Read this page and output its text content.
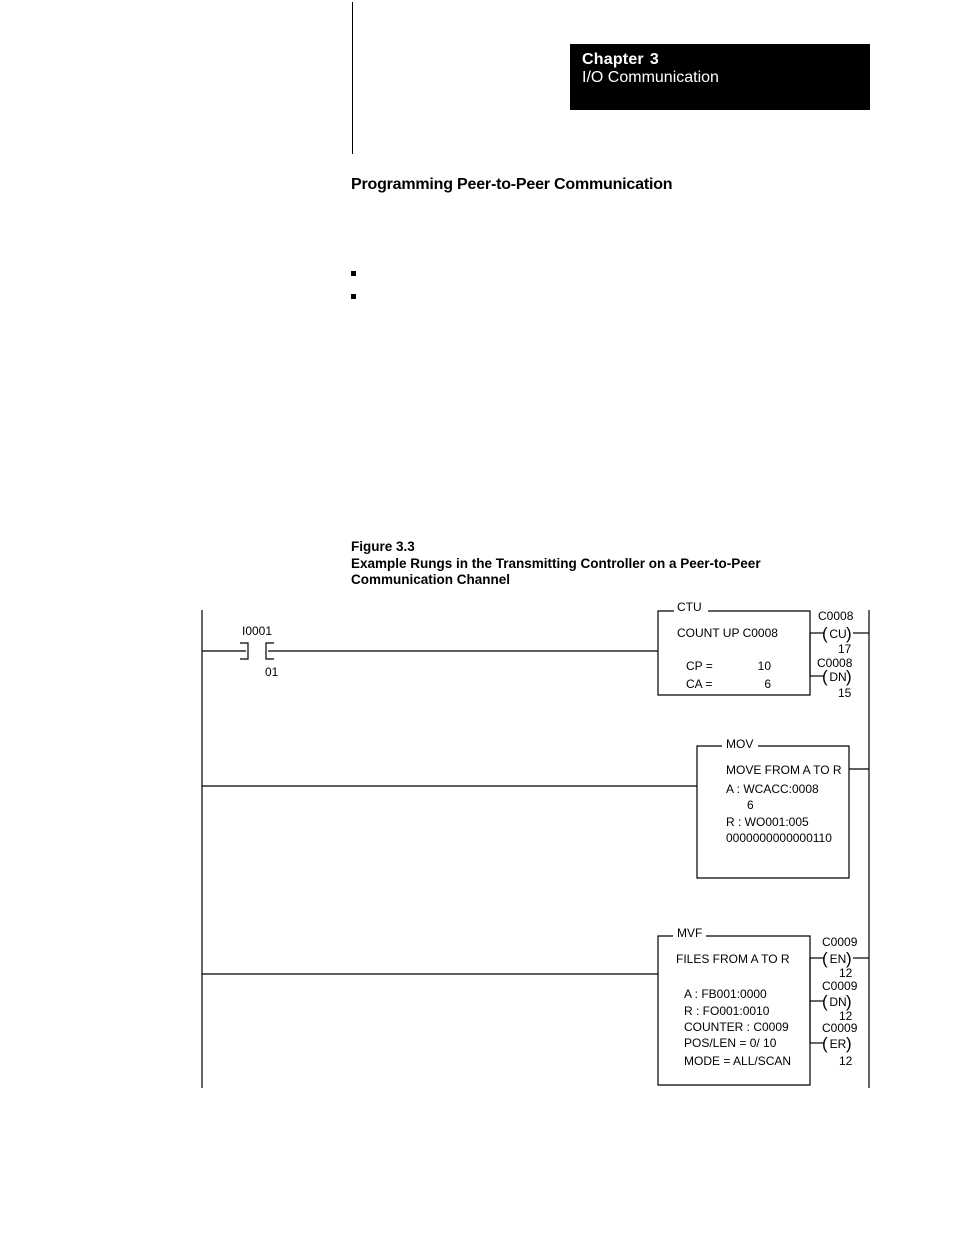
Chapter 3
I/O Communication
Programming Peer-to-Peer Communication
Figure 3.3
Example Rungs in the Transmitting Controller on a Peer-to-Peer
Communication Channel
I0001
01
CTU
COUNT UP C0008
CP =	10
CA =	6
C0008
( CU )
17
C0008
( DN )
15
MOV
MOVE FROM A TO R
A : WCACC:0008
6
R : WO001:005
0000000000000110
MVF
FILES FROM A TO R
A : FB001:0000
R : FO001:0010
COUNTER : C0009
POS/LEN = 0/ 10
MODE = ALL/SCAN
C0009
( EN )
12
C0009
( DN )
12
C0009
( ER )
12
